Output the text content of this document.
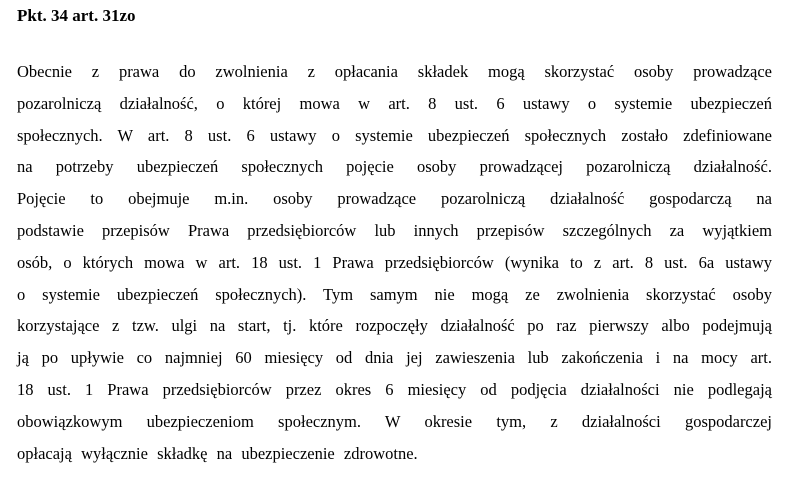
Pkt. 34 art. 31zo
Obecnie z prawa do zwolnienia z opłacania składek mogą skorzystać osoby prowadzące
pozarolniczą działalność, o której mowa w art. 8 ust. 6 ustawy o systemie ubezpieczeń
społecznych. W art. 8 ust. 6 ustawy o systemie ubezpieczeń społecznych zostało zdefiniowane
na potrzeby ubezpieczeń społecznych pojęcie osoby prowadzącej pozarolniczą działalność.
Pojęcie to obejmuje m.in. osoby prowadzące pozarolniczą działalność gospodarczą na
podstawie przepisów Prawa przedsiębiorców lub innych przepisów szczególnych za wyjątkiem
osób, o których mowa w art. 18 ust. 1 Prawa przedsiębiorców (wynika to z art. 8 ust. 6a ustawy
o systemie ubezpieczeń społecznych). Tym samym nie mogą ze zwolnienia skorzystać osoby
korzystające z tzw. ulgi na start, tj. które rozpoczęły działalność po raz pierwszy albo podejmują
ją po upływie co najmniej 60 miesięcy od dnia jej zawieszenia lub zakończenia i na mocy art.
18 ust. 1 Prawa przedsiębiorców przez okres 6 miesięcy od podjęcia działalności nie podlegają
obowiązkowym ubezpieczeniom społecznym. W okresie tym, z działalności gospodarczej
opłacają wyłącznie składkę na ubezpieczenie zdrowotne.
